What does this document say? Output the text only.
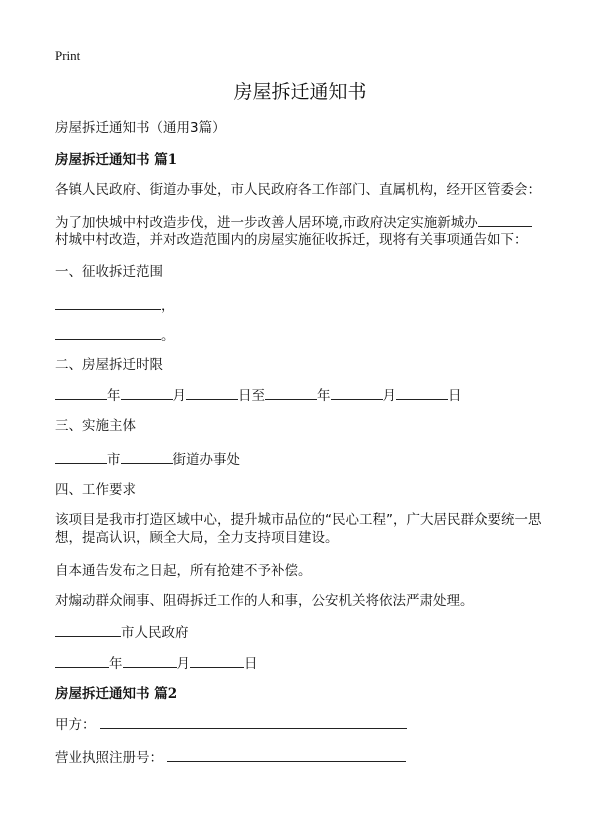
Print
房屋拆迁通知书
房屋拆迁通知书（通用3篇）
房屋拆迁通知书 篇1
各镇人民政府、街道办事处，市人民政府各工作部门、直属机构，经开区管委会：
为了加快城中村改造步伐，进一步改善人居环境,市政府决定实施新城办
村城中村改造，并对改造范围内的房屋实施征收拆迁，现将有关事项通告如下：
一、征收拆迁范围
，
。
二、房屋拆迁时限
年	月	日至	年	月	日
三、实施主体
市	街道办事处
四、工作要求
该项目是我市打造区域中心，提升城市品位的“民心工程”，广大居民群众要统一思
想，提高认识，顾全大局，全力支持项目建设。
自本通告发布之日起，所有抢建不予补偿。
对煽动群众闹事、阻碍拆迁工作的人和事，公安机关将依法严肃处理。
市人民政府
年	月	日
房屋拆迁通知书 篇2
甲方：
营业执照注册号：
